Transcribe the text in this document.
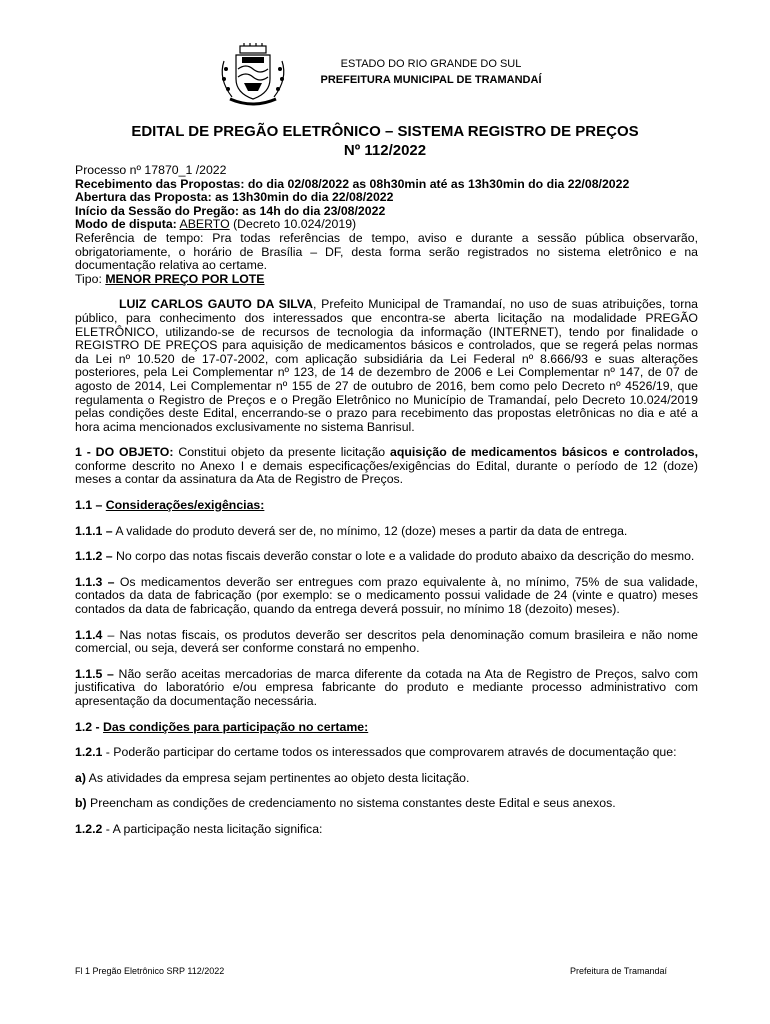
ESTADO DO RIO GRANDE DO SUL
PREFEITURA MUNICIPAL DE TRAMANDAÍ
EDITAL DE PREGÃO ELETRÔNICO – SISTEMA REGISTRO DE PREÇOS
Nº 112/2022

Processo nº 17870_1 /2022

Recebimento das Propostas: do dia 02/08/2022 as 08h30min até as 13h30min do dia 22/08/2022

Abertura das Proposta: as 13h30min do dia 22/08/2022

Início da Sessão do Pregão: as 14h do dia 23/08/2022

Modo de disputa: ABERTO (Decreto 10.024/2019)

Referência de tempo: Pra todas referências de tempo, aviso e durante a sessão pública observarão, obrigatoriamente, o horário de Brasília – DF, desta forma serão registrados no sistema eletrônico e na documentação relativa ao certame.

Tipo: MENOR PREÇO POR LOTE

LUIZ CARLOS GAUTO DA SILVA, Prefeito Municipal de Tramandaí, no uso de suas atribuições, torna público, para conhecimento dos interessados que encontra-se aberta licitação na modalidade PREGÃO ELETRÔNICO, utilizando-se de recursos de tecnologia da informação (INTERNET), tendo por finalidade o REGISTRO DE PREÇOS para aquisição de medicamentos básicos e controlados, que se regerá pelas normas da Lei nº 10.520 de 17-07-2002, com aplicação subsidiária da Lei Federal nº 8.666/93 e suas alterações posteriores, pela Lei Complementar nº 123, de 14 de dezembro de 2006 e Lei Complementar nº 147, de 07 de agosto de 2014, Lei Complementar nº 155 de 27 de outubro de 2016, bem como pelo Decreto nº 4526/19, que regulamenta o Registro de Preços e o Pregão Eletrônico no Município de Tramandaí, pelo Decreto 10.024/2019 pelas condições deste Edital, encerrando-se o prazo para recebimento das propostas eletrônicas no dia e até a hora acima mencionados exclusivamente no sistema Banrisul.

1 - DO OBJETO: Constitui objeto da presente licitação aquisição de medicamentos básicos e controlados, conforme descrito no Anexo I e demais especificações/exigências do Edital, durante o período de 12 (doze) meses a contar da assinatura da Ata de Registro de Preços.

1.1 – Considerações/exigências:

1.1.1 – A validade do produto deverá ser de, no mínimo, 12 (doze) meses a partir da data de entrega.

1.1.2 – No corpo das notas fiscais deverão constar o lote e a validade do produto abaixo da descrição do mesmo.

1.1.3 – Os medicamentos deverão ser entregues com prazo equivalente à, no mínimo, 75% de sua validade, contados da data de fabricação (por exemplo: se o medicamento possui validade de 24 (vinte e quatro) meses contados da data de fabricação, quando da entrega deverá possuir, no mínimo 18 (dezoito) meses).

1.1.4 – Nas notas fiscais, os produtos deverão ser descritos pela denominação comum brasileira e não nome comercial, ou seja, deverá ser conforme constará no empenho.

1.1.5 – Não serão aceitas mercadorias de marca diferente da cotada na Ata de Registro de Preços, salvo com justificativa do laboratório e/ou empresa fabricante do produto e mediante processo administrativo com apresentação da documentação necessária.

1.2 - Das condições para participação no certame:

1.2.1 - Poderão participar do certame todos os interessados que comprovarem através de documentação que:

a) As atividades da empresa sejam pertinentes ao objeto desta licitação.

b) Preencham as condições de credenciamento no sistema constantes deste Edital e seus anexos.

1.2.2 - A participação nesta licitação significa:

Fl 1 Pregão Eletrônico SRP 112/2022	Prefeitura de Tramandaí
